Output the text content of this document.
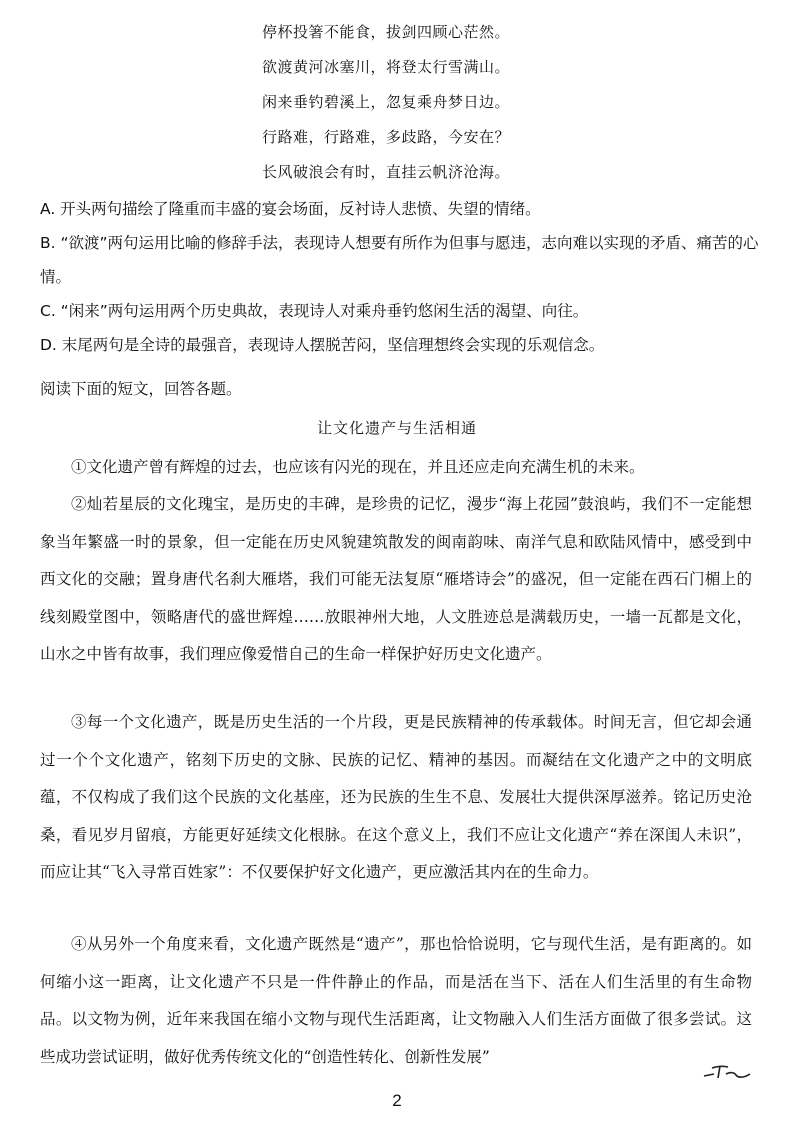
停杯投箸不能食，拔剑四顾心茫然。
欲渡黄河冰塞川，将登太行雪满山。
闲来垂钓碧溪上，忽复乘舟梦日边。
行路难，行路难，多歧路，今安在？
长风破浪会有时，直挂云帆济沧海。

A. 开头两句描绘了隆重而丰盛的宴会场面，反衬诗人悲愤、失望的情绪。

B. “欲渡”两句运用比喻的修辞手法，表现诗人想要有所作为但事与愿违，志向难以实现的矛盾、痛苦的心情。

C. “闲来”两句运用两个历史典故，表现诗人对乘舟垂钓悠闲生活的渴望、向往。

D. 末尾两句是全诗的最强音，表现诗人摆脱苦闷，坚信理想终会实现的乐观信念。

阅读下面的短文，回答各题。
让文化遗产与生活相通

①文化遗产曾有辉煌的过去，也应该有闪光的现在，并且还应走向充满生机的未来。

②灿若星辰的文化瑰宝，是历史的丰碑，是珍贵的记忆，漫步“海上花园”鼓浪屿，我们不一定能想象当年繁盛一时的景象，但一定能在历史风貌建筑散发的闽南韵味、南洋气息和欧陆风情中，感受到中西文化的交融；置身唐代名刹大雁塔，我们可能无法复原“雁塔诗会”的盛况，但一定能在西石门楣上的线刻殿堂图中，领略唐代的盛世辉煌……放眼神州大地，人文胜迹总是满载历史，一墙一瓦都是文化，山水之中皆有故事，我们理应像爱惜自己的生命一样保护好历史文化遗产。

③每一个文化遗产，既是历史生活的一个片段，更是民族精神的传承载体。时间无言，但它却会通过一个个文化遗产，铭刻下历史的文脉、民族的记忆、精神的基因。而凝结在文化遗产之中的文明底蕴，不仅构成了我们这个民族的文化基座，还为民族的生生不息、发展壮大提供深厚滋养。铭记历史沧桑，看见岁月留痕，方能更好延续文化根脉。在这个意义上，我们不应让文化遗产“养在深闺人未识”，而应让其“飞入寻常百姓家”：不仅要保护好文化遗产，更应激活其内在的生命力。

④从另外一个角度来看，文化遗产既然是“遗产”，那也恰恰说明，它与现代生活，是有距离的。如何缩小这一距离，让文化遗产不只是一件件静止的作品，而是活在当下、活在人们生活里的有生命物品。以文物为例，近年来我国在缩小文物与现代生活距离，让文物融入人们生活方面做了很多尝试。这些成功尝试证明，做好优秀传统文化的“创造性转化、创新性发展”

2
